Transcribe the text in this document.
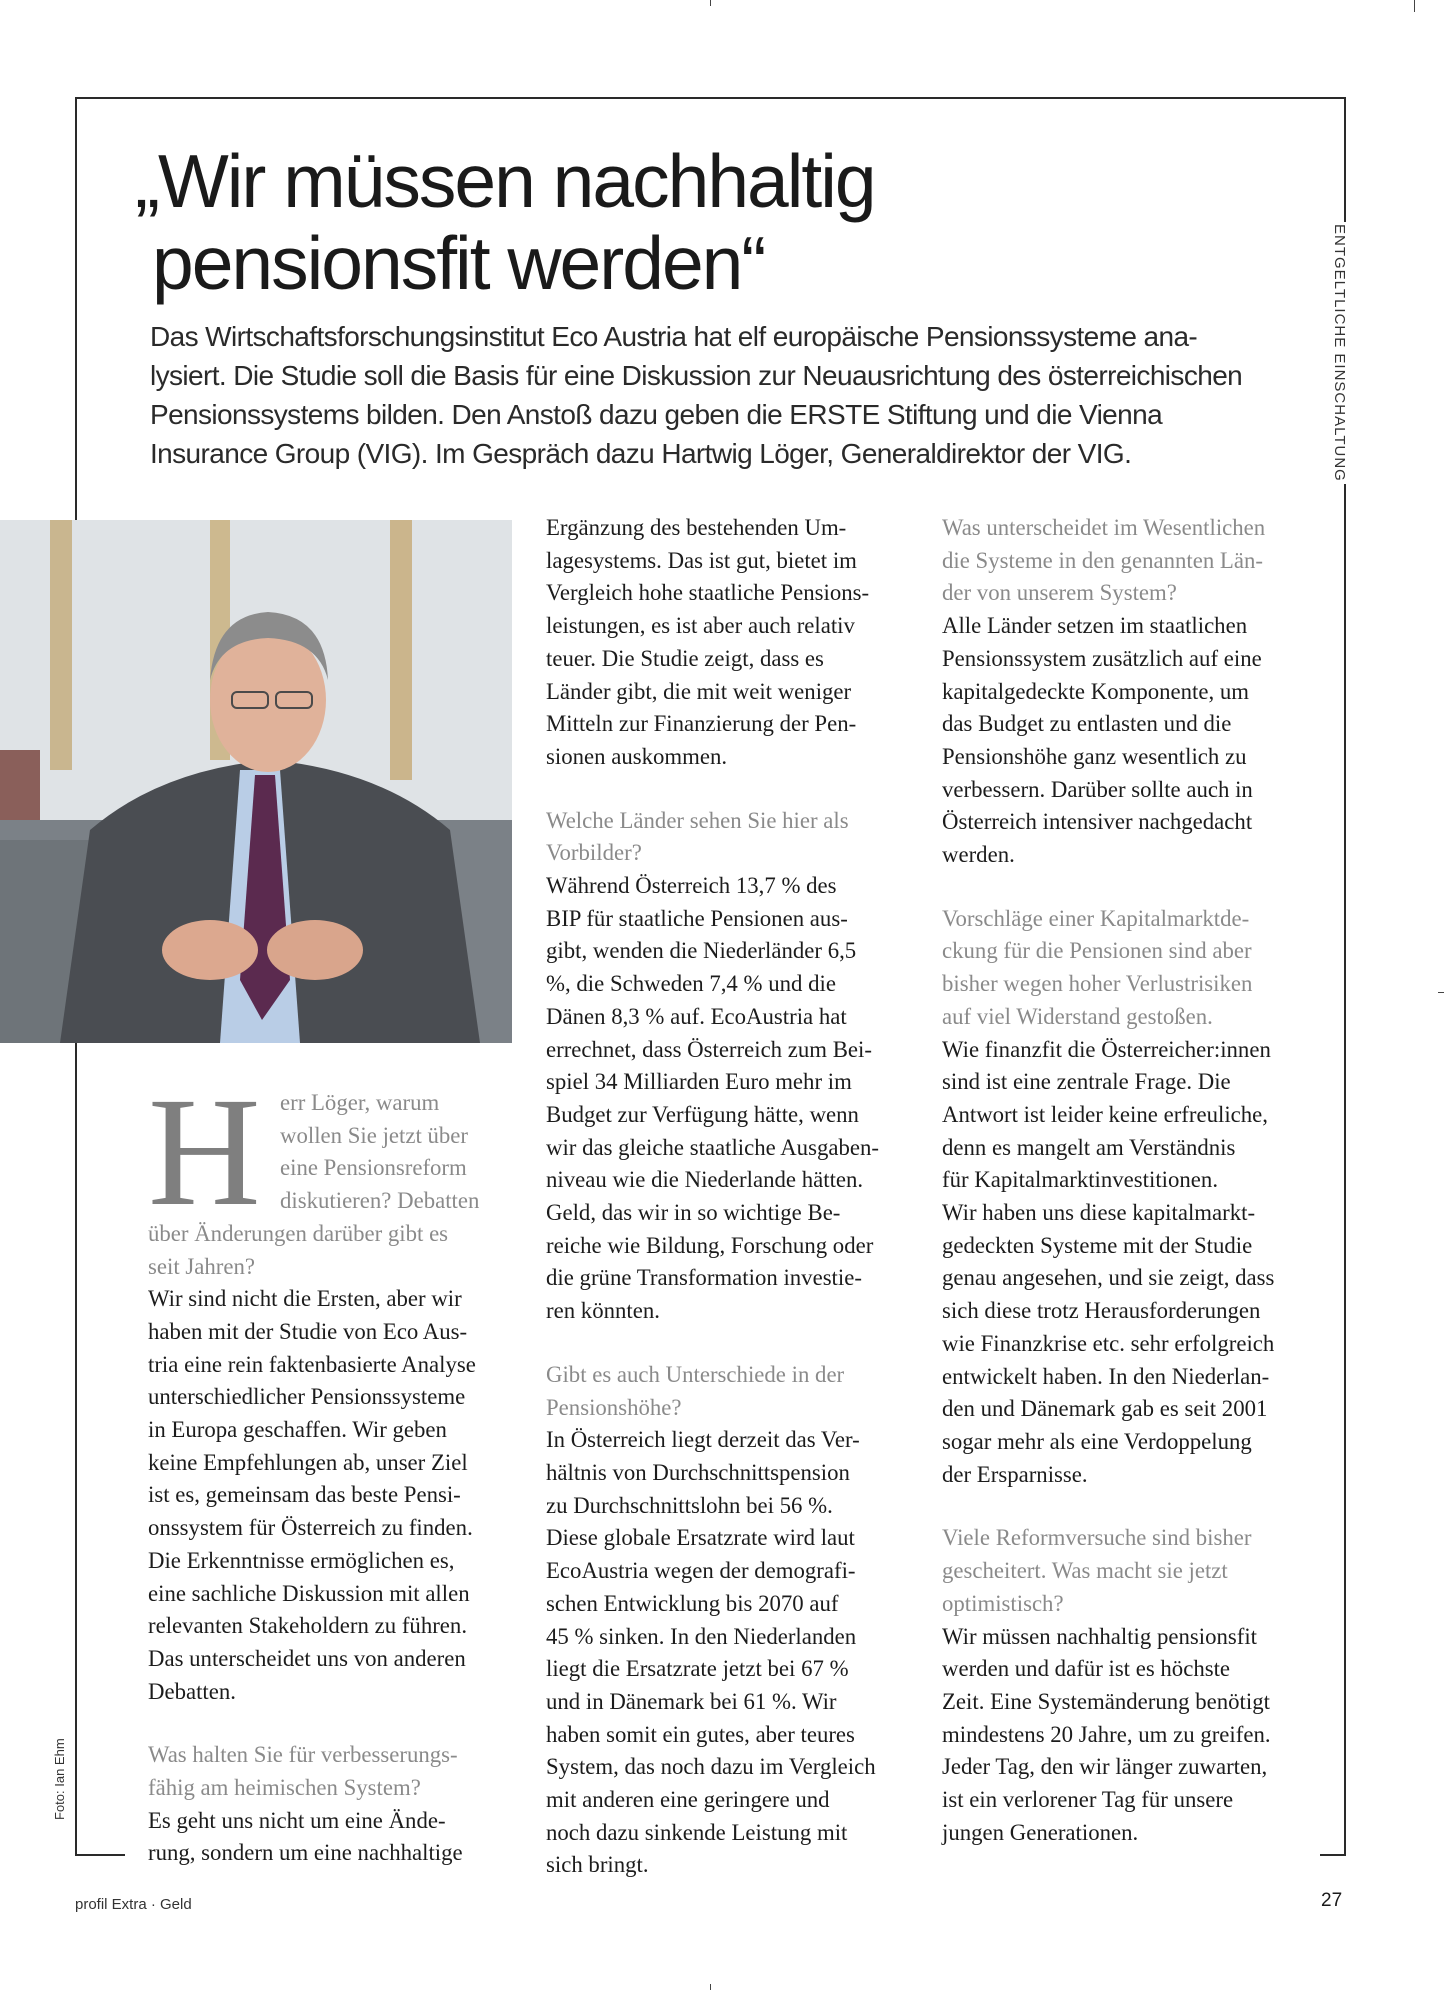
„Wir müssen nachhaltig
pensionsfit werden“
Das Wirtschaftsforschungsinstitut Eco Austria hat elf europäische Pensionssysteme ana-
lysiert. Die Studie soll die Basis für eine Diskussion zur Neuausrichtung des österreichischen
Pensionssystems bilden. Den Anstoß dazu geben die ERSTE Stiftung und die Vienna
Insurance Group (VIG). Im Gespräch dazu Hartwig Löger, Generaldirektor der VIG.	ENTGELTLICHE EINSCHALTUNG
Foto: Ian Ehm
H err Löger, warum
wollen Sie jetzt über
eine Pensionsreform
diskutieren? Debatten
über Änderungen darüber gibt es
seit Jahren?
Wir sind nicht die Ersten, aber wir
haben mit der Studie von Eco Aus-
tria eine rein faktenbasierte Analyse
unterschiedlicher Pensionssysteme
in Europa geschaffen. Wir geben
keine Empfehlungen ab, unser Ziel
ist es, gemeinsam das beste Pensi-
onssystem für Österreich zu finden.
Die Erkenntnisse ermöglichen es,
eine sachliche Diskussion mit allen
relevanten Stakeholdern zu führen.
Das unterscheidet uns von anderen
Debatten.
Was halten Sie für verbesserungs-
fähig am heimischen System?
Es geht uns nicht um eine Ände-
rung, sondern um eine nachhaltige
Ergänzung des bestehenden Um-
lagesystems. Das ist gut, bietet im
Vergleich hohe staatliche Pensions-
leistungen, es ist aber auch relativ
teuer. Die Studie zeigt, dass es
Länder gibt, die mit weit weniger
Mitteln zur Finanzierung der Pen-
sionen auskommen.
Welche Länder sehen Sie hier als
Vorbilder?
Während Österreich 13,7 % des
BIP für staatliche Pensionen aus-
gibt, wenden die Niederländer 6,5
%, die Schweden 7,4 % und die
Dänen 8,3 % auf. EcoAustria hat
errechnet, dass Österreich zum Bei-
spiel 34 Milliarden Euro mehr im
Budget zur Verfügung hätte, wenn
wir das gleiche staatliche Ausgaben-
niveau wie die Niederlande hätten.
Geld, das wir in so wichtige Be-
reiche wie Bildung, Forschung oder
die grüne Transformation investie-
ren könnten.
Gibt es auch Unterschiede in der
Pensionshöhe?
In Österreich liegt derzeit das Ver-
hältnis von Durchschnittspension
zu Durchschnittslohn bei 56 %.
Diese globale Ersatzrate wird laut
EcoAustria wegen der demografi-
schen Entwicklung bis 2070 auf
45 % sinken. In den Niederlanden
liegt die Ersatzrate jetzt bei 67 %
und in Dänemark bei 61 %. Wir
haben somit ein gutes, aber teures
System, das noch dazu im Vergleich
mit anderen eine geringere und
noch dazu sinkende Leistung mit
sich bringt.
Was unterscheidet im Wesentlichen
die Systeme in den genannten Län-
der von unserem System?
Alle Länder setzen im staatlichen
Pensionssystem zusätzlich auf eine
kapitalgedeckte Komponente, um
das Budget zu entlasten und die
Pensionshöhe ganz wesentlich zu
verbessern. Darüber sollte auch in
Österreich intensiver nachgedacht
werden.
Vorschläge einer Kapitalmarktde-
ckung für die Pensionen sind aber
bisher wegen hoher Verlustrisiken
auf viel Widerstand gestoßen.
Wie finanzfit die Österreicher:innen
sind ist eine zentrale Frage. Die
Antwort ist leider keine erfreuliche,
denn es mangelt am Verständnis
für Kapitalmarktinvestitionen.
Wir haben uns diese kapitalmarkt-
gedeckten Systeme mit der Studie
genau angesehen, und sie zeigt, dass
sich diese trotz Herausforderungen
wie Finanzkrise etc. sehr erfolgreich
entwickelt haben. In den Niederlan-
den und Dänemark gab es seit 2001
sogar mehr als eine Verdoppelung
der Ersparnisse.
Viele Reformversuche sind bisher
gescheitert. Was macht sie jetzt
optimistisch?
Wir müssen nachhaltig pensionsfit
werden und dafür ist es höchste
Zeit. Eine Systemänderung benötigt
mindestens 20 Jahre, um zu greifen.
Jeder Tag, den wir länger zuwarten,
ist ein verlorener Tag für unsere
jungen Generationen.
profil Extra · Geld	27
